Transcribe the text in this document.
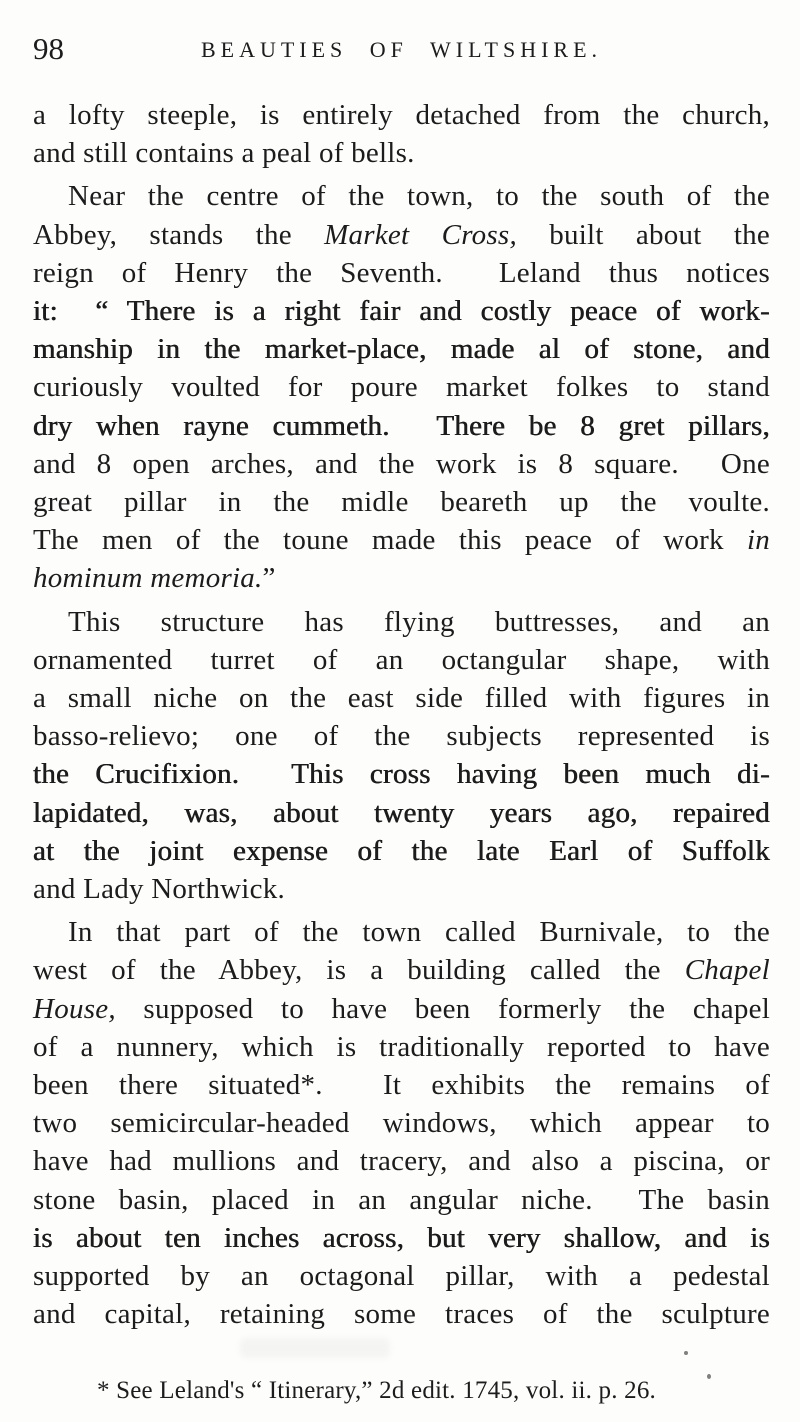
98	BEAUTIES OF WILTSHIRE.
a lofty steeple, is entirely detached from the church,
and still contains a peal of bells.
Near the centre of the town, to the south of the
Abbey, stands the Market Cross, built about the
reign of Henry the Seventh.  Leland thus notices
it:  “ There is a right fair and costly peace of work-
manship in the market-place, made al of stone, and
curiously voulted for poure market folkes to stand
dry when rayne cummeth.  There be 8 gret pillars,
and 8 open arches, and the work is 8 square.  One
great pillar in the midle beareth up the voulte.
The men of the toune made this peace of work in
hominum memoria.”
This structure has flying buttresses, and an
ornamented turret of an octangular shape, with
a small niche on the east side filled with figures in
basso-relievo; one of the subjects represented is
the Crucifixion.  This cross having been much di-
lapidated, was, about twenty years ago, repaired
at the joint expense of the late Earl of Suffolk
and Lady Northwick.
In that part of the town called Burnivale, to the
west of the Abbey, is a building called the Chapel
House, supposed to have been formerly the chapel
of a nunnery, which is traditionally reported to have
been there situated*.  It exhibits the remains of
two semicircular-headed windows, which appear to
have had mullions and tracery, and also a piscina, or
stone basin, placed in an angular niche.  The basin
is about ten inches across, but very shallow, and is
supported by an octagonal pillar, with a pedestal
and capital, retaining some traces of the sculpture
* See Leland's “ Itinerary,” 2d edit. 1745, vol. ii. p. 26.
